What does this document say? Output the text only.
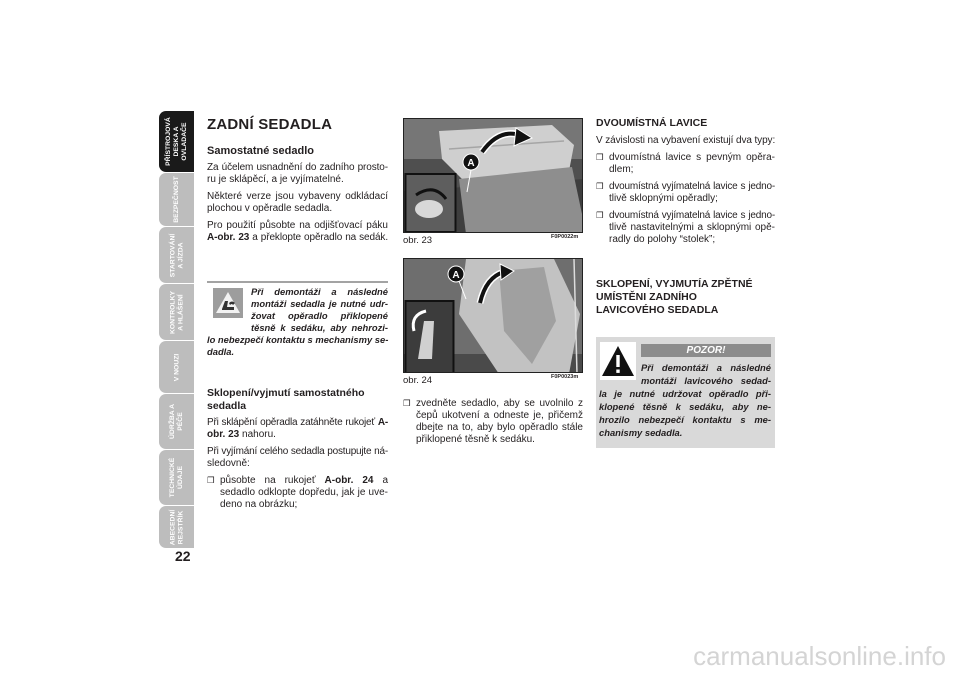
PŘÍSTROJOVÁ DESKA A OVLADAČE
BEZPEČNOST
STARTOVÁNÍ A JÍZDA
KONTROLKY A HLÁŠENÍ
V NOUZI
ÚDRŽBA A PÉČE
TECHNICKÉ ÚDAJE
ABECEDNÍ REJSTŘÍK
22
ZADNÍ SEDADLA
Samostatné sedadlo
Za účelem usnadnění do zadního prosto-
ru je sklápěcí, a je vyjímatelné.
Některé verze jsou vybaveny odkládací
plochou v opěradle sedadla.
Pro použití působte na odjišťovací páku
A-obr. 23 a překlopte opěradlo na sedák.
Při demontáži a následné
montáži sedadla je nutné udr-
žovat opěradlo přiklopené
těsně k sedáku, aby nehrozi-
lo nebezpečí kontaktu s mechanismy se-
dadla.
Sklopení/vyjmutí samostatného
sedadla
Při sklápění opěradla zatáhněte rukojeť A-
obr. 23 nahoru.
Při vyjímání celého sedadla postupujte ná-
sledovně:
❒ působte na rukojeť A-obr. 24 a
sedadlo odklopte dopředu, jak je uve-
deno na obrázku;
A
obr. 23	F0P0022m
A
obr. 24	F0P0023m
❒ zvedněte sedadlo, aby se uvolnilo z
čepů ukotvení a odneste je, přičemž
dbejte na to, aby bylo opěradlo stále
přiklopené těsně k sedáku.
DVOUMÍSTNÁ LAVICE
V závislosti na vybavení existují dva typy:
❒ dvoumístná lavice s pevným opěra-
dlem;
❒ dvoumístná vyjímatelná lavice s jedno-
tlivě sklopnými opěradly;
❒ dvoumístná vyjímatelná lavice s jedno-
tlivě nastavitelnými a sklopnými opě-
radly do polohy “stolek”;
SKLOPENÍ, VYJMUTÍA ZPĚTNÉ
UMÍSTĚNI ZADNÍHO
LAVICOVÉHO SEDADLA
POZOR!
Při demontáži a následné
montáži lavicového sedad-
la je nutné udržovat opěradlo při-
klopené těsně k sedáku, aby ne-
hrozilo nebezpečí kontaktu s me-
chanismy sedadla.
carmanualsonline.info
